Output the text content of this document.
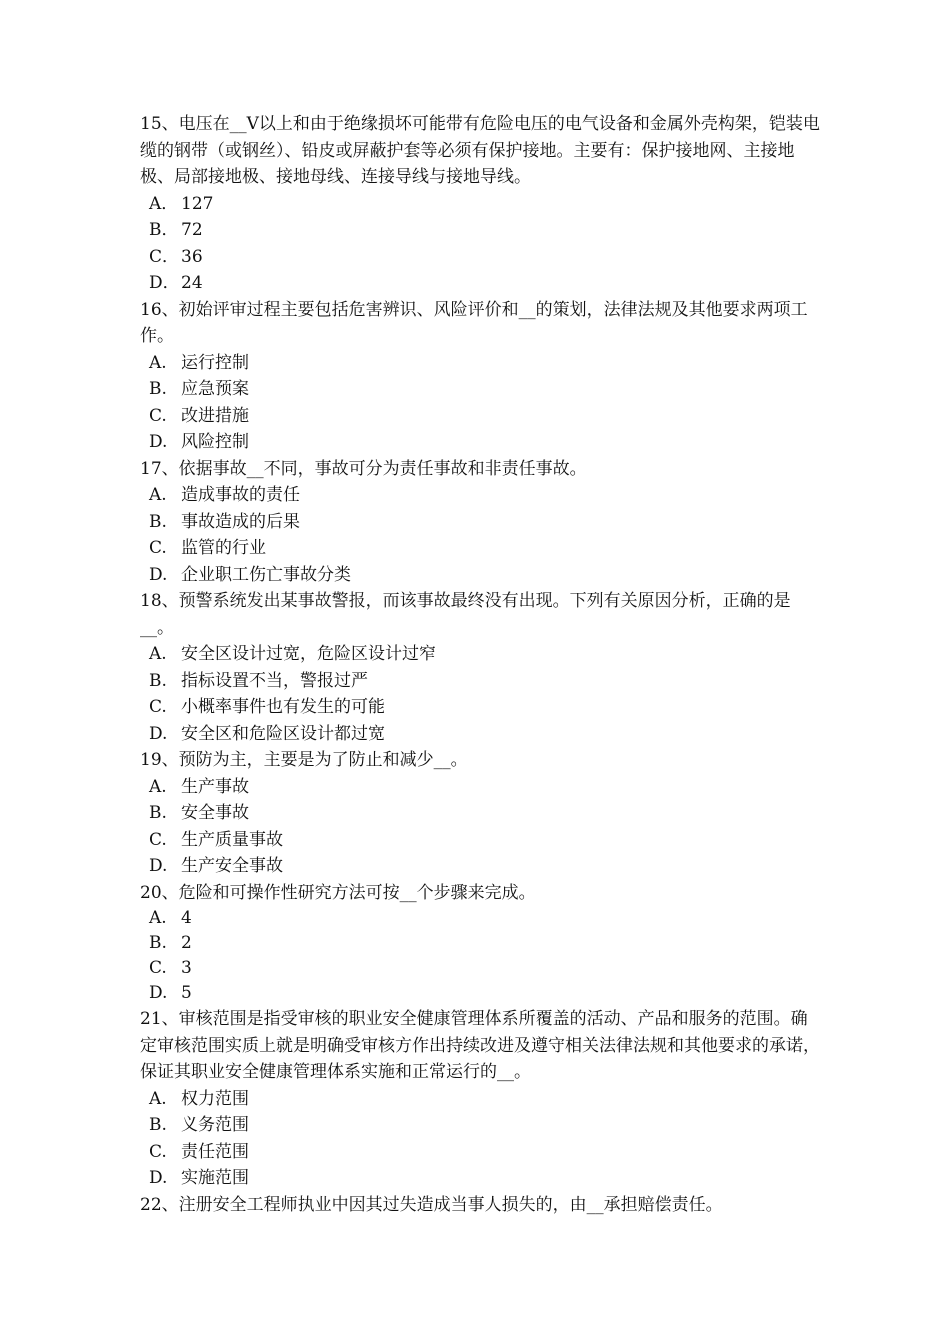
15、电压在__V以上和由于绝缘损坏可能带有危险电压的电气设备和金属外壳构架，铠装电缆的钢带（或钢丝）、铅皮或屏蔽护套等必须有保护接地。主要有：保护接地网、主接地极、局部接地极、接地母线、连接导线与接地导线。

A． 127
B． 72
C． 36
D．24

16、初始评审过程主要包括危害辨识、风险评价和__的策划，法律法规及其他要求两项工作。

A. 运行控制
B. 应急预案
C. 改进措施
D. 风险控制

17、依据事故__不同，事故可分为责任事故和非责任事故。

A. 造成事故的责任
B. 事故造成的后果
C. 监管的行业
D. 企业职工伤亡事故分类

18、预警系统发出某事故警报，而该事故最终没有出现。下列有关原因分析，正确的是__。

A. 安全区设计过宽，危险区设计过窄
B. 指标设置不当，警报过严
C. 小概率事件也有发生的可能
D. 安全区和危险区设计都过宽

19、预防为主，主要是为了防止和减少__。

A. 生产事故
B. 安全事故
C. 生产质量事故
D. 生产安全事故

20、危险和可操作性研究方法可按__个步骤来完成。

A. 4
B. 2
C. 3
D. 5

21、审核范围是指受审核的职业安全健康管理体系所覆盖的活动、产品和服务的范围。确定审核范围实质上就是明确受审核方作出持续改进及遵守相关法律法规和其他要求的承诺，保证其职业安全健康管理体系实施和正常运行的__。

A. 权力范围
B. 义务范围
C. 责任范围
D. 实施范围

22、注册安全工程师执业中因其过失造成当事人损失的，由__承担赔偿责任。
